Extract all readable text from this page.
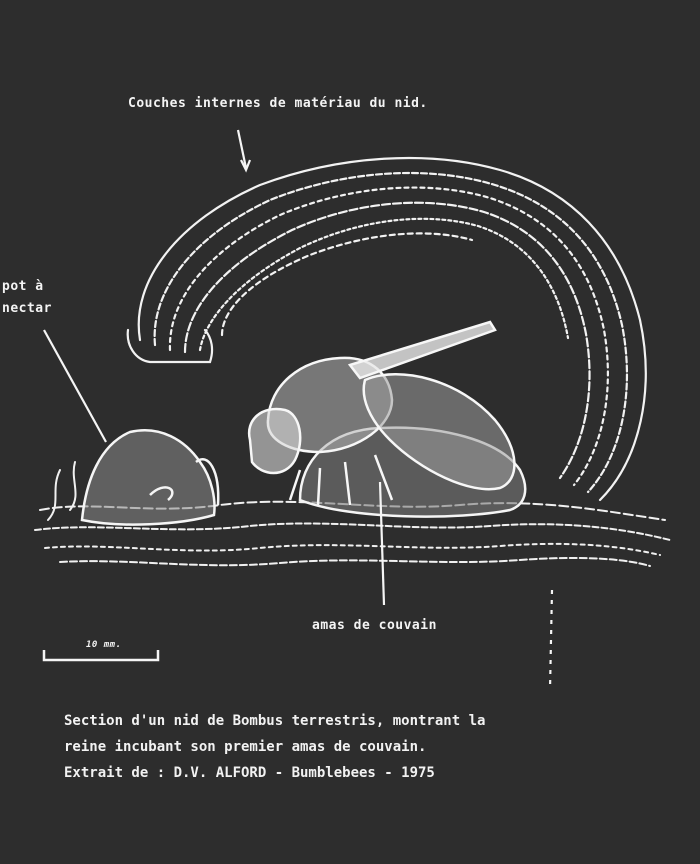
Couches internes de matériau du nid.
pot à
nectar
amas de couvain
10 mm.
Section d'un nid de Bombus terrestris, montrant la
reine incubant son premier amas de couvain.
Extrait de : D.V. ALFORD - Bumblebees - 1975
